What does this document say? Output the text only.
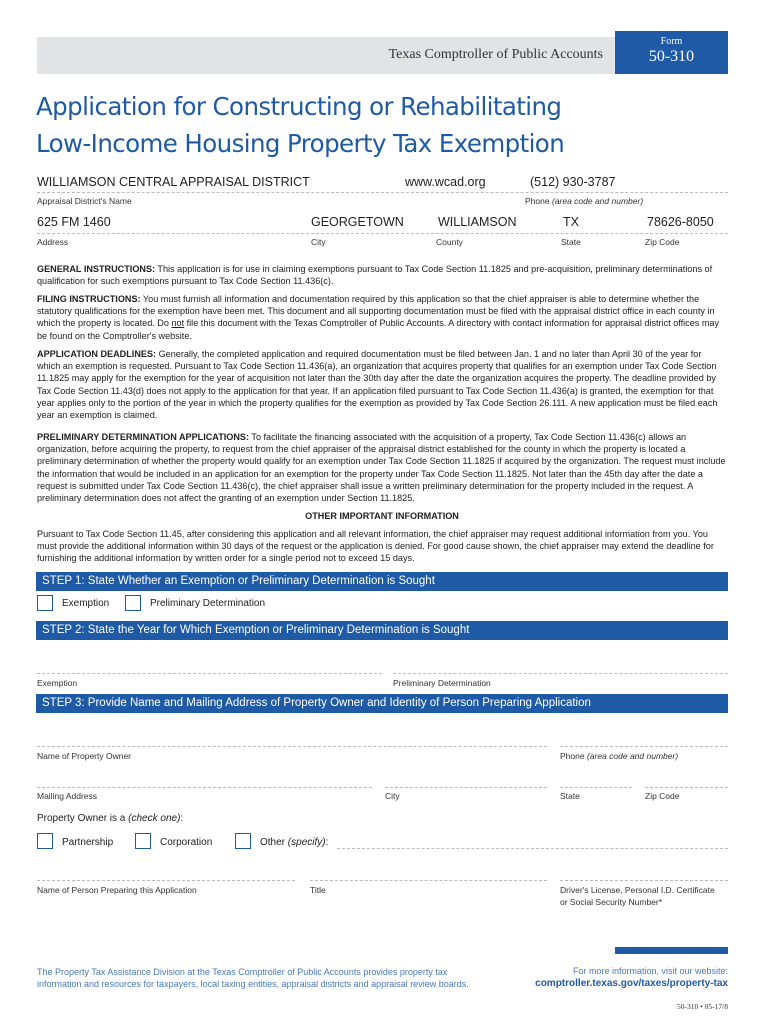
Texas Comptroller of Public Accounts
Form
50-310
Application for Constructing or Rehabilitating
Low-Income Housing Property Tax Exemption
WILLIAMSON CENTRAL APPRAISAL DISTRICT	www.wcad.org	(512) 930-3787
Appraisal District's Name	Phone (area code and number)
625 FM 1460	GEORGETOWN	WILLIAMSON	TX	78626-8050
Address	City	County	State	Zip Code
GENERAL INSTRUCTIONS: This application is for use in claiming exemptions pursuant to Tax Code Section 11.1825 and pre-acquisition, preliminary determinations of qualification for such exemptions pursuant to Tax Code Section 11.436(c).
FILING INSTRUCTIONS: You must furnish all information and documentation required by this application so that the chief appraiser is able to determine whether the statutory qualifications for the exemption have been met. This document and all supporting documentation must be filed with the appraisal district office in each county in which the property is located. Do not file this document with the Texas Comptroller of Public Accounts. A directory with contact information for appraisal district offices may be found on the Comptroller's website.
APPLICATION DEADLINES: Generally, the completed application and required documentation must be filed between Jan. 1 and no later than April 30 of the year for which an exemption is requested. Pursuant to Tax Code Section 11.436(a), an organization that acquires property that qualifies for an exemption under Tax Code Section 11.1825 may apply for the exemption for the year of acquisition not later than the 30th day after the date the organization acquires the property. The deadline provided by Tax Code Section 11.43(d) does not apply to the application for that year. If an application filed pursuant to Tax Code Section 11.436(a) is granted, the exemption for that year applies only to the portion of the year in which the property qualifies for the exemption as provided by Tax Code Section 26.111. A new application must be filed each year an exemption is claimed.
PRELIMINARY DETERMINATION APPLICATIONS: To facilitate the financing associated with the acquisition of a property, Tax Code Section 11.436(c) allows an organization, before acquiring the property, to request from the chief appraiser of the appraisal district established for the county in which the property is located a preliminary determination of whether the property would qualify for an exemption under Tax Code Section 11.1825 if acquired by the organization. The request must include the information that would be included in an application for an exemption for the property under Tax Code Section 11.1825. Not later than the 45th day after the date a request is submitted under Tax Code Section 11.436(c), the chief appraiser shall issue a written preliminary determination for the property included in the request. A preliminary determination does not affect the granting of an exemption under Section 11.1825.
OTHER IMPORTANT INFORMATION
Pursuant to Tax Code Section 11.45, after considering this application and all relevant information, the chief appraiser may request additional information from you. You must provide the additional information within 30 days of the request or the application is denied. For good cause shown, the chief appraiser may extend the deadline for furnishing the additional information by written order for a single period not to exceed 15 days.
STEP 1: State Whether an Exemption or Preliminary Determination is Sought
Exemption	Preliminary Determination
STEP 2: State the Year for Which Exemption or Preliminary Determination is Sought
Exemption	Preliminary Determination
STEP 3: Provide Name and Mailing Address of Property Owner and Identity of Person Preparing Application
Name of Property Owner	Phone (area code and number)
Mailing Address	City	State	Zip Code
Property Owner is a (check one):
Partnership	Corporation	Other (specify):
Name of Person Preparing this Application	Title	Driver's License, Personal I.D. Certificate
or Social Security Number*
The Property Tax Assistance Division at the Texas Comptroller of Public Accounts provides property tax
information and resources for taxpayers, local taxing entities, appraisal districts and appraisal review boards.
For more information, visit our website:
comptroller.texas.gov/taxes/property-tax
50-310 • 05-17/8
